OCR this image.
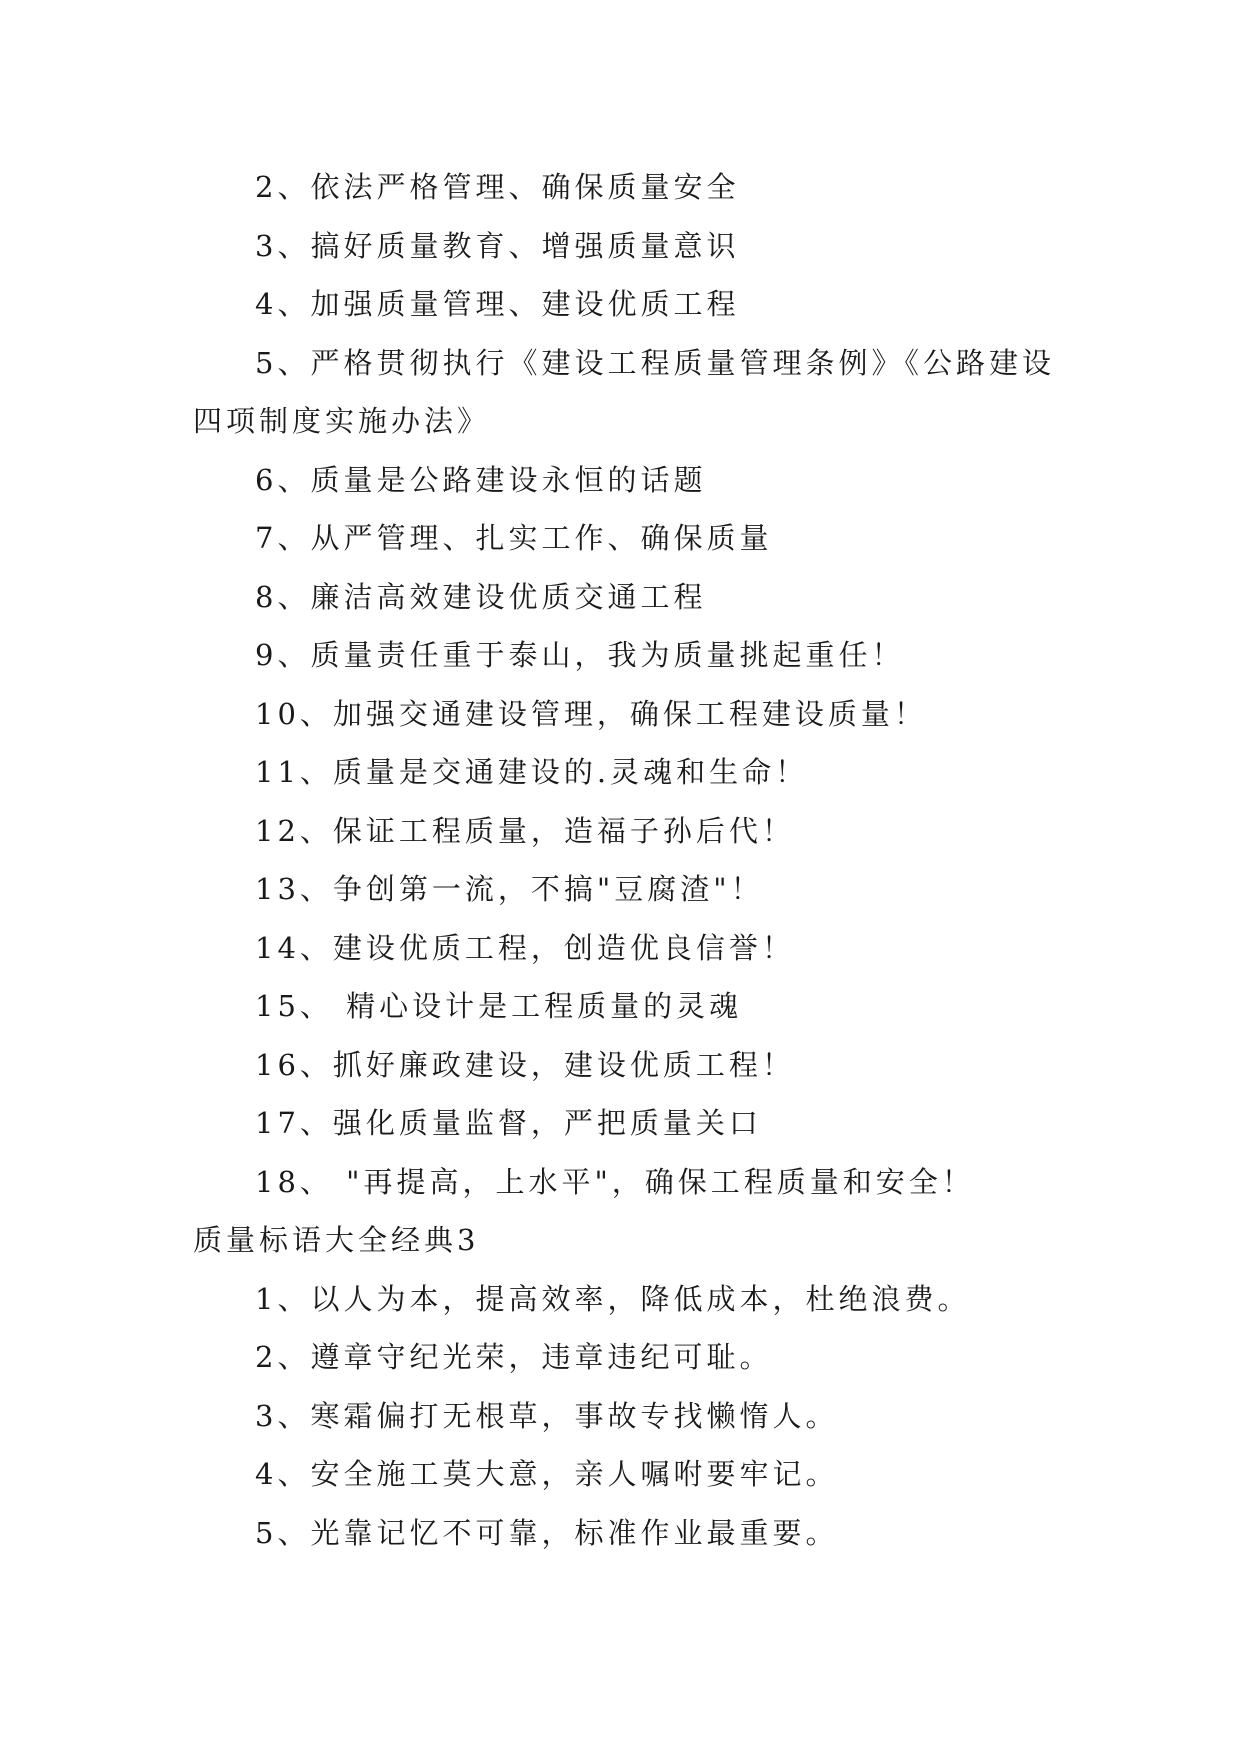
2、依法严格管理、确保质量安全
3、搞好质量教育、增强质量意识
4、加强质量管理、建设优质工程
5、严格贯彻执行《建设工程质量管理条例》《公路建设
四项制度实施办法》
6、质量是公路建设永恒的话题
7、从严管理、扎实工作、确保质量
8、廉洁高效建设优质交通工程
9、质量责任重于泰山，我为质量挑起重任！
10、加强交通建设管理，确保工程建设质量！
11、质量是交通建设的.灵魂和生命！
12、保证工程质量，造福子孙后代！
13、争创第一流，不搞"豆腐渣"！
14、建设优质工程，创造优良信誉！
15、 精心设计是工程质量的灵魂
16、抓好廉政建设，建设优质工程！
17、强化质量监督，严把质量关口
18、 "再提高，上水平"，确保工程质量和安全！
质量标语大全经典3
1、以人为本，提高效率，降低成本，杜绝浪费。
2、遵章守纪光荣，违章违纪可耻。
3、寒霜偏打无根草，事故专找懒惰人。
4、安全施工莫大意，亲人嘱咐要牢记。
5、光靠记忆不可靠，标准作业最重要。
